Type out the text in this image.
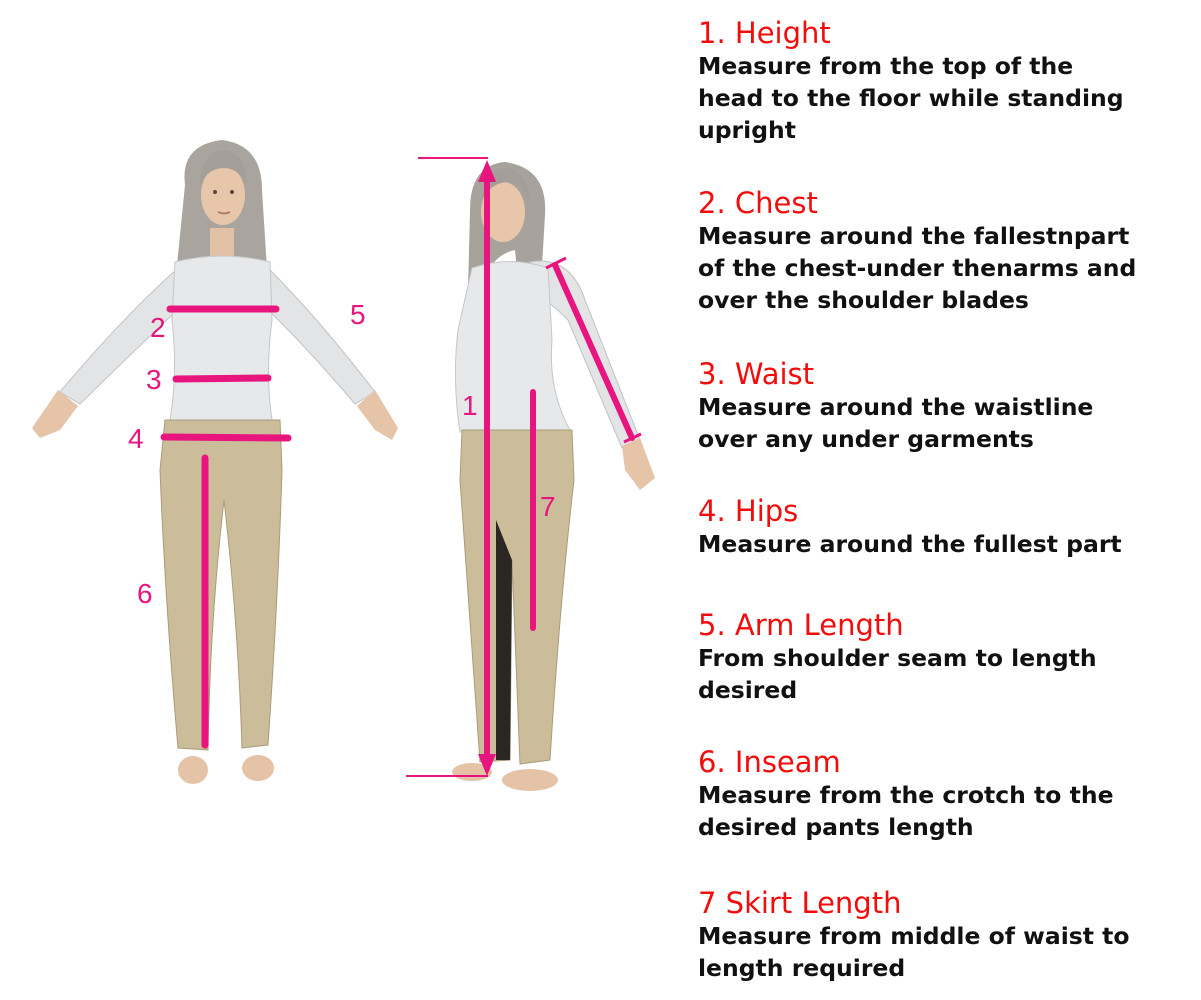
2
3
4
5
6
1
7

1. Height

Measure from the top of the
head to the floor while standing
upright

2. Chest

Measure around the fallestnpart
of the chest-under thenarms and
over the shoulder blades

3. Waist

Measure around the waistline
over any under garments

4. Hips

Measure around the fullest part

5. Arm Length

From shoulder seam to length
desired

6. Inseam

Measure from the crotch to the
desired pants length

7 Skirt Length

Measure from middle of waist to
length required
